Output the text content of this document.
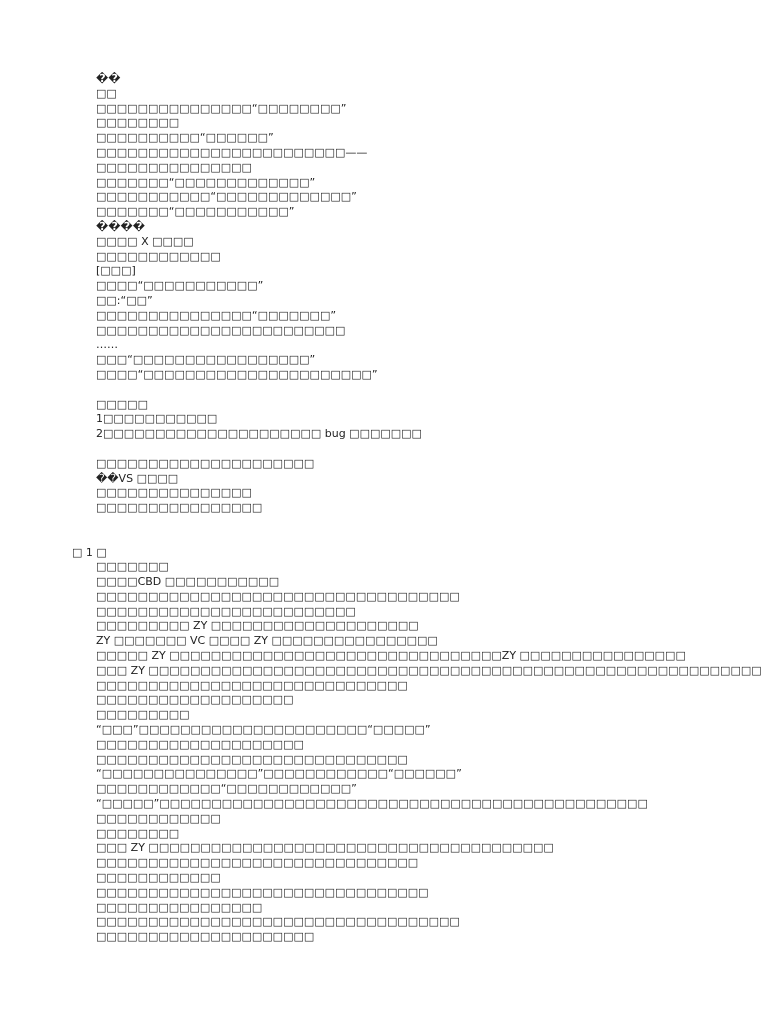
��
□□
□□□□□□□□□□□□□□□“□□□□□□□□”
□□□□□□□□
□□□□□□□□□□“□□□□□□”
□□□□□□□□□□□□□□□□□□□□□□□□——
□□□□□□□□□□□□□□□
□□□□□□□“□□□□□□□□□□□□□”
□□□□□□□□□□□“□□□□□□□□□□□□□”
□□□□□□□“□□□□□□□□□□□”
����
□□□□ X □□□□
□□□□□□□□□□□□
[□□□]
□□□□“□□□□□□□□□□□”
□□:“□□”
□□□□□□□□□□□□□□□“□□□□□□□”
□□□□□□□□□□□□□□□□□□□□□□□□
……
□□□“□□□□□□□□□□□□□□□□□”
□□□□“□□□□□□□□□□□□□□□□□□□□□□”
□□□□□
1□□□□□□□□□□□
2□□□□□□□□□□□□□□□□□□□□□ bug □□□□□□□
□□□□□□□□□□□□□□□□□□□□□
��VS □□□□
□□□□□□□□□□□□□□□
□□□□□□□□□□□□□□□□
□ 1 □
□□□□□□□
□□□□CBD □□□□□□□□□□□
□□□□□□□□□□□□□□□□□□□□□□□□□□□□□□□□□□□
□□□□□□□□□□□□□□□□□□□□□□□□□
□□□□□□□□□ ZY □□□□□□□□□□□□□□□□□□□□
ZY □□□□□□□ VC □□□□ ZY □□□□□□□□□□□□□□□□
□□□□□ ZY □□□□□□□□□□□□□□□□□□□□□□□□□□□□□□□□ZY □□□□□□□□□□□□□□□□
□□□ ZY □□□□□□□□□□□□□□□□□□□□□□□□□□□□□□□□□□□□□□□□□□□□□□□□□□□□□□□□□□□
□□□□□□□□□□□□□□□□□□□□□□□□□□□□□□
□□□□□□□□□□□□□□□□□□□
□□□□□□□□□
“□□□”□□□□□□□□□□□□□□□□□□□□□□“□□□□□”
□□□□□□□□□□□□□□□□□□□□
□□□□□□□□□□□□□□□□□□□□□□□□□□□□□□
“□□□□□□□□□□□□□□□”□□□□□□□□□□□□“□□□□□□”
□□□□□□□□□□□□“□□□□□□□□□□□□”
“□□□□□”□□□□□□□□□□□□□□□□□□□□□□□□□□□□□□□□□□□□□□□□□□□□□□□
□□□□□□□□□□□□
□□□□□□□□
□□□ ZY □□□□□□□□□□□□□□□□□□□□□□□□□□□□□□□□□□□□□□□
□□□□□□□□□□□□□□□□□□□□□□□□□□□□□□□
□□□□□□□□□□□□
□□□□□□□□□□□□□□□□□□□□□□□□□□□□□□□□
□□□□□□□□□□□□□□□□
□□□□□□□□□□□□□□□□□□□□□□□□□□□□□□□□□□□
□□□□□□□□□□□□□□□□□□□□□
